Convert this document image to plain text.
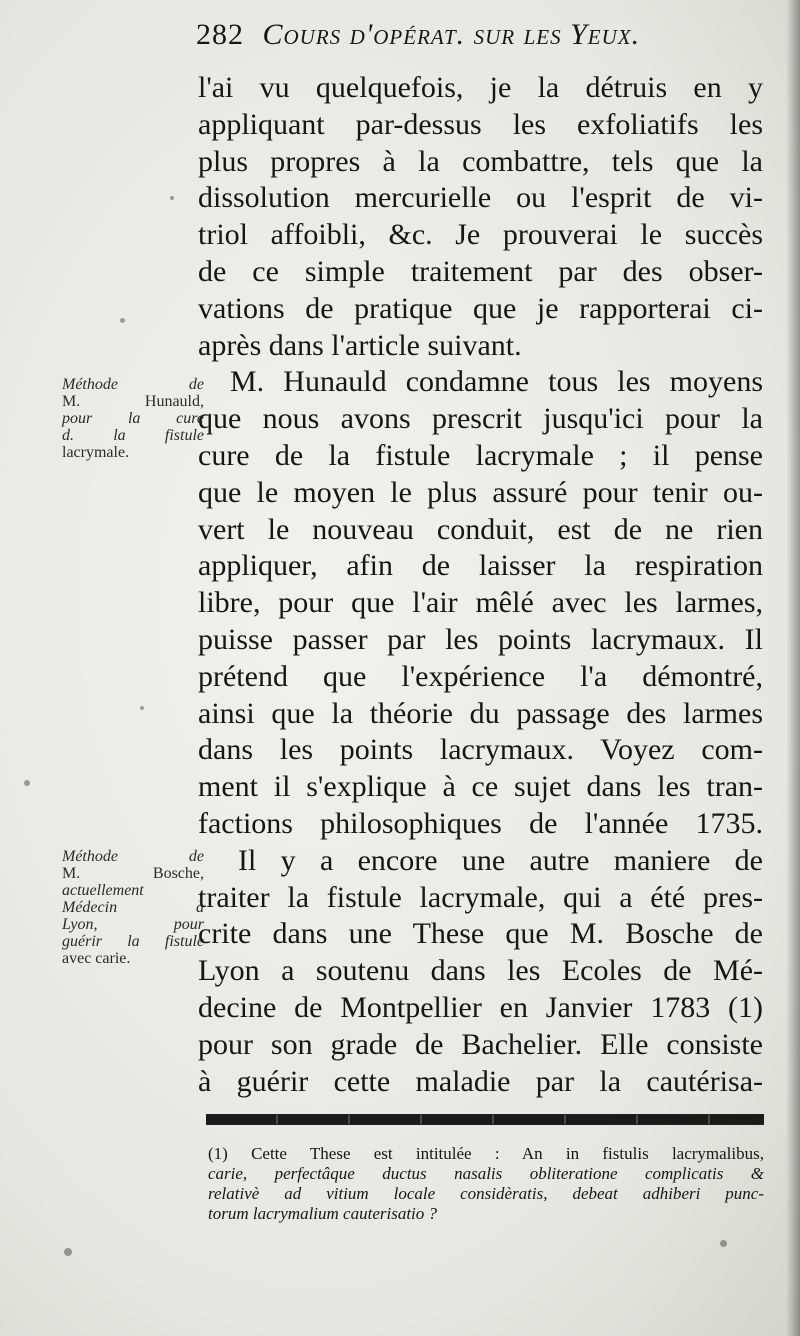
282 Cours d'opérat. sur les Yeux.
l'ai vu quelquefois, je la détruis en y
appliquant par-dessus les exfoliatifs les
plus propres à la combattre, tels que la
dissolution mercurielle ou l'esprit de vi-
triol affoibli, &c. Je prouverai le succès
de ce simple traitement par des obser-
vations de pratique que je rapporterai ci-
après dans l'article suivant.
M. Hunauld condamne tous les moyens
que nous avons prescrit jusqu'ici pour la
cure de la fistule lacrymale ; il pense
que le moyen le plus assuré pour tenir ou-
vert le nouveau conduit, est de ne rien
appliquer, afin de laisser la respiration
libre, pour que l'air mêlé avec les larmes,
puisse passer par les points lacrymaux. Il
prétend que l'expérience l'a démontré,
ainsi que la théorie du passage des larmes
dans les points lacrymaux. Voyez com-
ment il s'explique à ce sujet dans les tran-
factions philosophiques de l'année 1735.
Il y a encore une autre maniere de
traiter la fistule lacrymale, qui a été pres-
crite dans une These que M. Bosche de
Lyon a soutenu dans les Ecoles de Mé-
decine de Montpellier en Janvier 1783 (1)
pour son grade de Bachelier. Elle consiste
à guérir cette maladie par la cautérisa-
Méthode de
M. Hunauld,
pour la cure
d. la fistule
lacrymale.
Méthode de
M. Bosche,
actuellement
Médecin à
Lyon, pour
guérir la fistule
avec carie.
(1) Cette These est intitulée : An in fistulis lacrymalibus,
carie, perfectâque ductus nasalis obliteratione complicatis &
relativè ad vitium locale considèratis, debeat adhiberi punc-
torum lacrymalium cauterisatio ?
